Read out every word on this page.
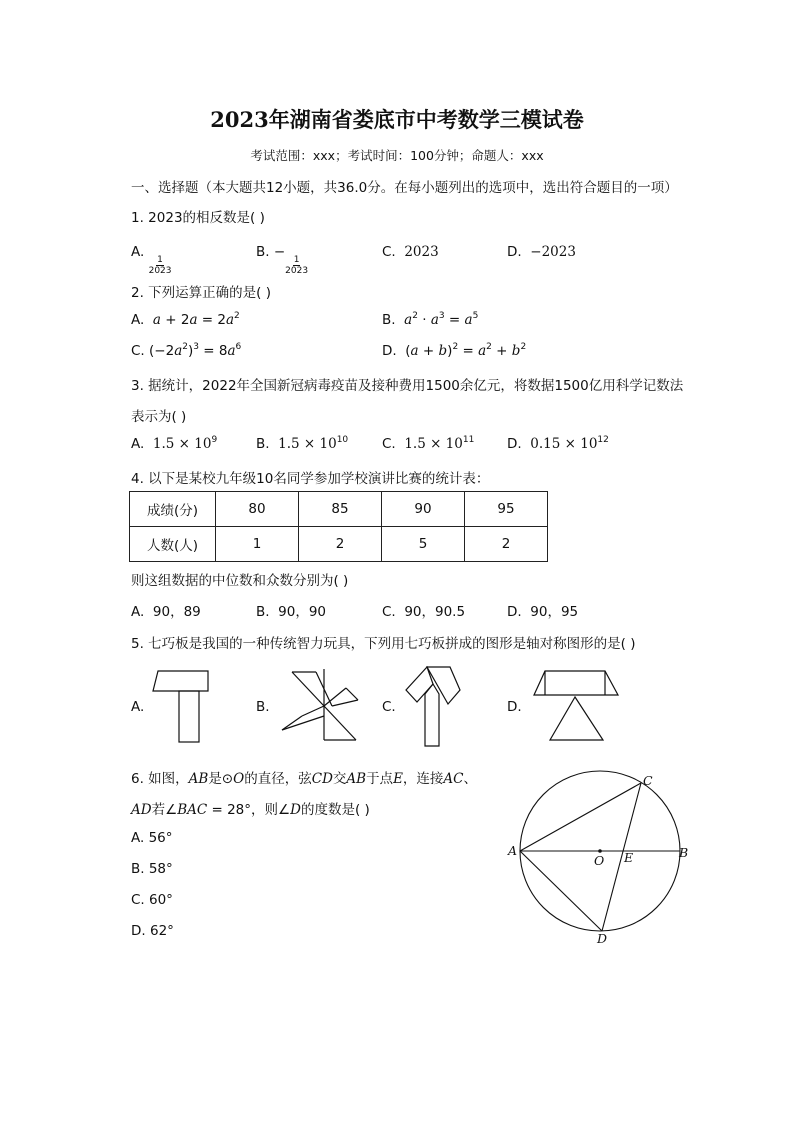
2023年湖南省娄底市中考数学三模试卷
考试范围：xxx；考试时间：100分钟；命题人：xxx
一、选择题（本大题共12小题，共36.0分。在每小题列出的选项中，选出符合题目的一项）
1. 2023的相反数是( )
A.
$\frac{1}{2023}$
B. −
$\frac{1}{2023}$
C. 2023	D. −2023
2. 下列运算正确的是( )
A. $a + 2a = 2a^2$	B. $a^2 \cdot a^3 = a^5$
C. $(-2a^2)^3 = 8a^6$	D.  $(a + b)^2 = a^2 + b^2$
3. 据统计，2022年全国新冠病毒疫苗及接种费用1500余亿元，将数据1500亿用科学记数法
表示为( )
A. $1.5 \times 10^9$	B. $1.5 \times 10^{10}$	C. $1.5 \times 10^{11}$ D. $0.15 \times 10^{12}$
4. 以下是某校九年级10名同学参加学校演讲比赛的统计表：
成绩(分)	80	85	90	95
人数(人)	1	2	5	2
则这组数据的中位数和众数分别为( )
A. 90，89	B. 90，90	C. 90，90.5	D. 90，95
5. 七巧板是我国的一种传统智力玩具，下列用七巧板拼成的图形是轴对称图形的是( )
A.	B.	C.	D.
6. 如图，AB是⊙O的直径，弦CD交AB于点E，连接AC、
AD若∠BAC = 28°，则∠D的度数是( )
A. 56°
B. 58°
C. 60°
D. 62°
A	B
C
D
O E
